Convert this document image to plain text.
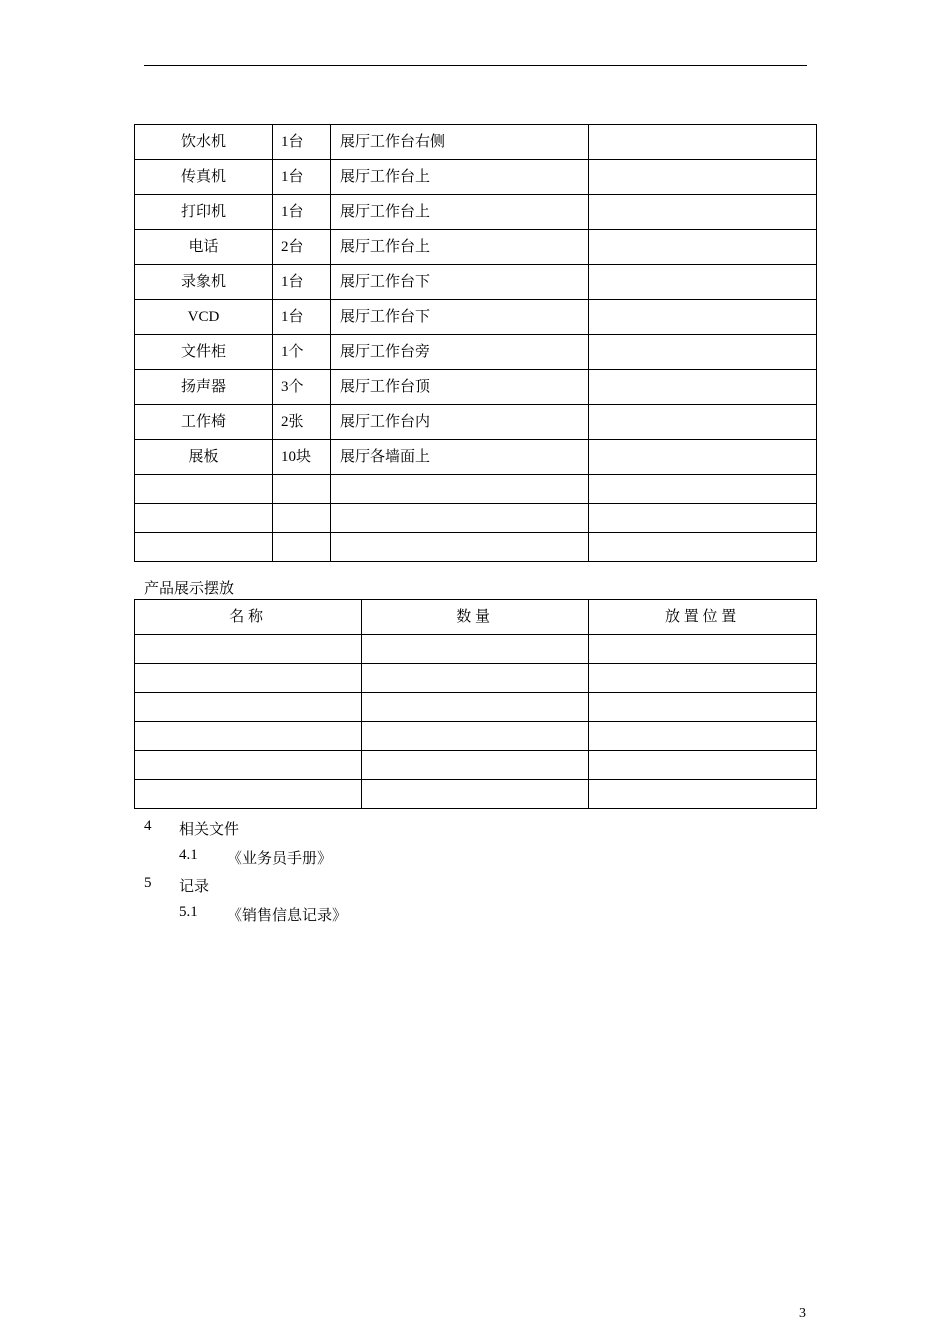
饮水机	1台	展厅工作台右侧	
传真机	1台	展厅工作台上	
打印机	1台	展厅工作台上	
电话	2台	展厅工作台上	
录象机	1台	展厅工作台下	
VCD	1台	展厅工作台下	
文件柜	1个	展厅工作台旁	
扬声器	3个	展厅工作台顶	
工作椅	2张	展厅工作台内	
展板	10块	展厅各墙面上	

产品展示摆放
名称	数量	放置位置

4 相关文件
4.1 《业务员手册》
5 记录
5.1 《销售信息记录》
3
